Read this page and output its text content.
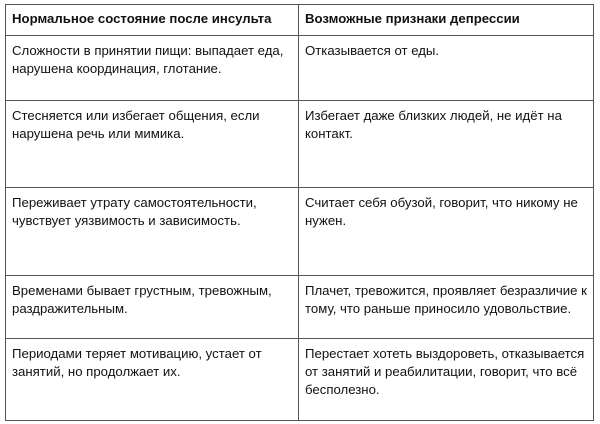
Нормальное состояние после инсульта	Возможные признаки депрессии

Сложности в принятии пищи: выпадает еда, нарушена координация, глотание.	Отказывается от еды.

Стесняется или избегает общения, если нарушена речь или мимика.	Избегает даже близких людей, не идёт на контакт.

Переживает утрату самостоятельности, чувствует уязвимость и зависимость.	Считает себя обузой, говорит, что никому не нужен.

Временами бывает грустным, тревожным, раздражительным.	Плачет, тревожится, проявляет безразличие к тому, что раньше приносило удовольствие.

Периодами теряет мотивацию, устает от занятий, но продолжает их.	Перестает хотеть выздороветь, отказывается от занятий и реабилитации, говорит, что всё бесполезно.
